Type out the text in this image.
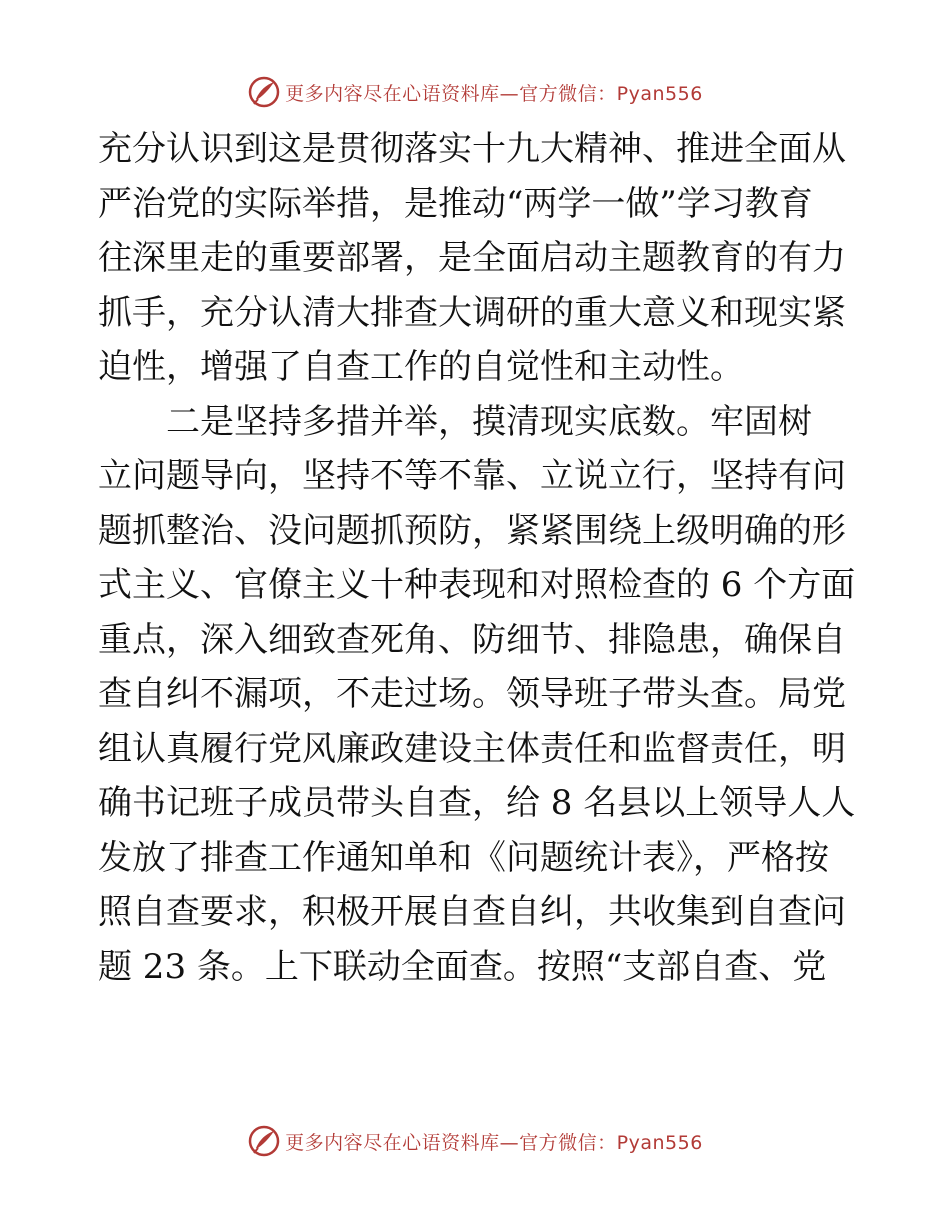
更多内容尽在心语资料库—官方微信：Pyan556
充分认识到这是贯彻落实十九大精神、推进全面从
严治党的实际举措，是推动“两学一做”学习教育
往深里走的重要部署，是全面启动主题教育的有力
抓手，充分认清大排查大调研的重大意义和现实紧
迫性，增强了自查工作的自觉性和主动性。
二是坚持多措并举，摸清现实底数。牢固树
立问题导向，坚持不等不靠、立说立行，坚持有问
题抓整治、没问题抓预防，紧紧围绕上级明确的形
式主义、官僚主义十种表现和对照检查的 6 个方面
重点，深入细致查死角、防细节、排隐患，确保自
查自纠不漏项，不走过场。领导班子带头查。局党
组认真履行党风廉政建设主体责任和监督责任，明
确书记班子成员带头自查，给 8 名县以上领导人人
发放了排查工作通知单和《问题统计表》，严格按
照自查要求，积极开展自查自纠，共收集到自查问
题 23 条。上下联动全面查。按照“支部自查、党
更多内容尽在心语资料库—官方微信：Pyan556
